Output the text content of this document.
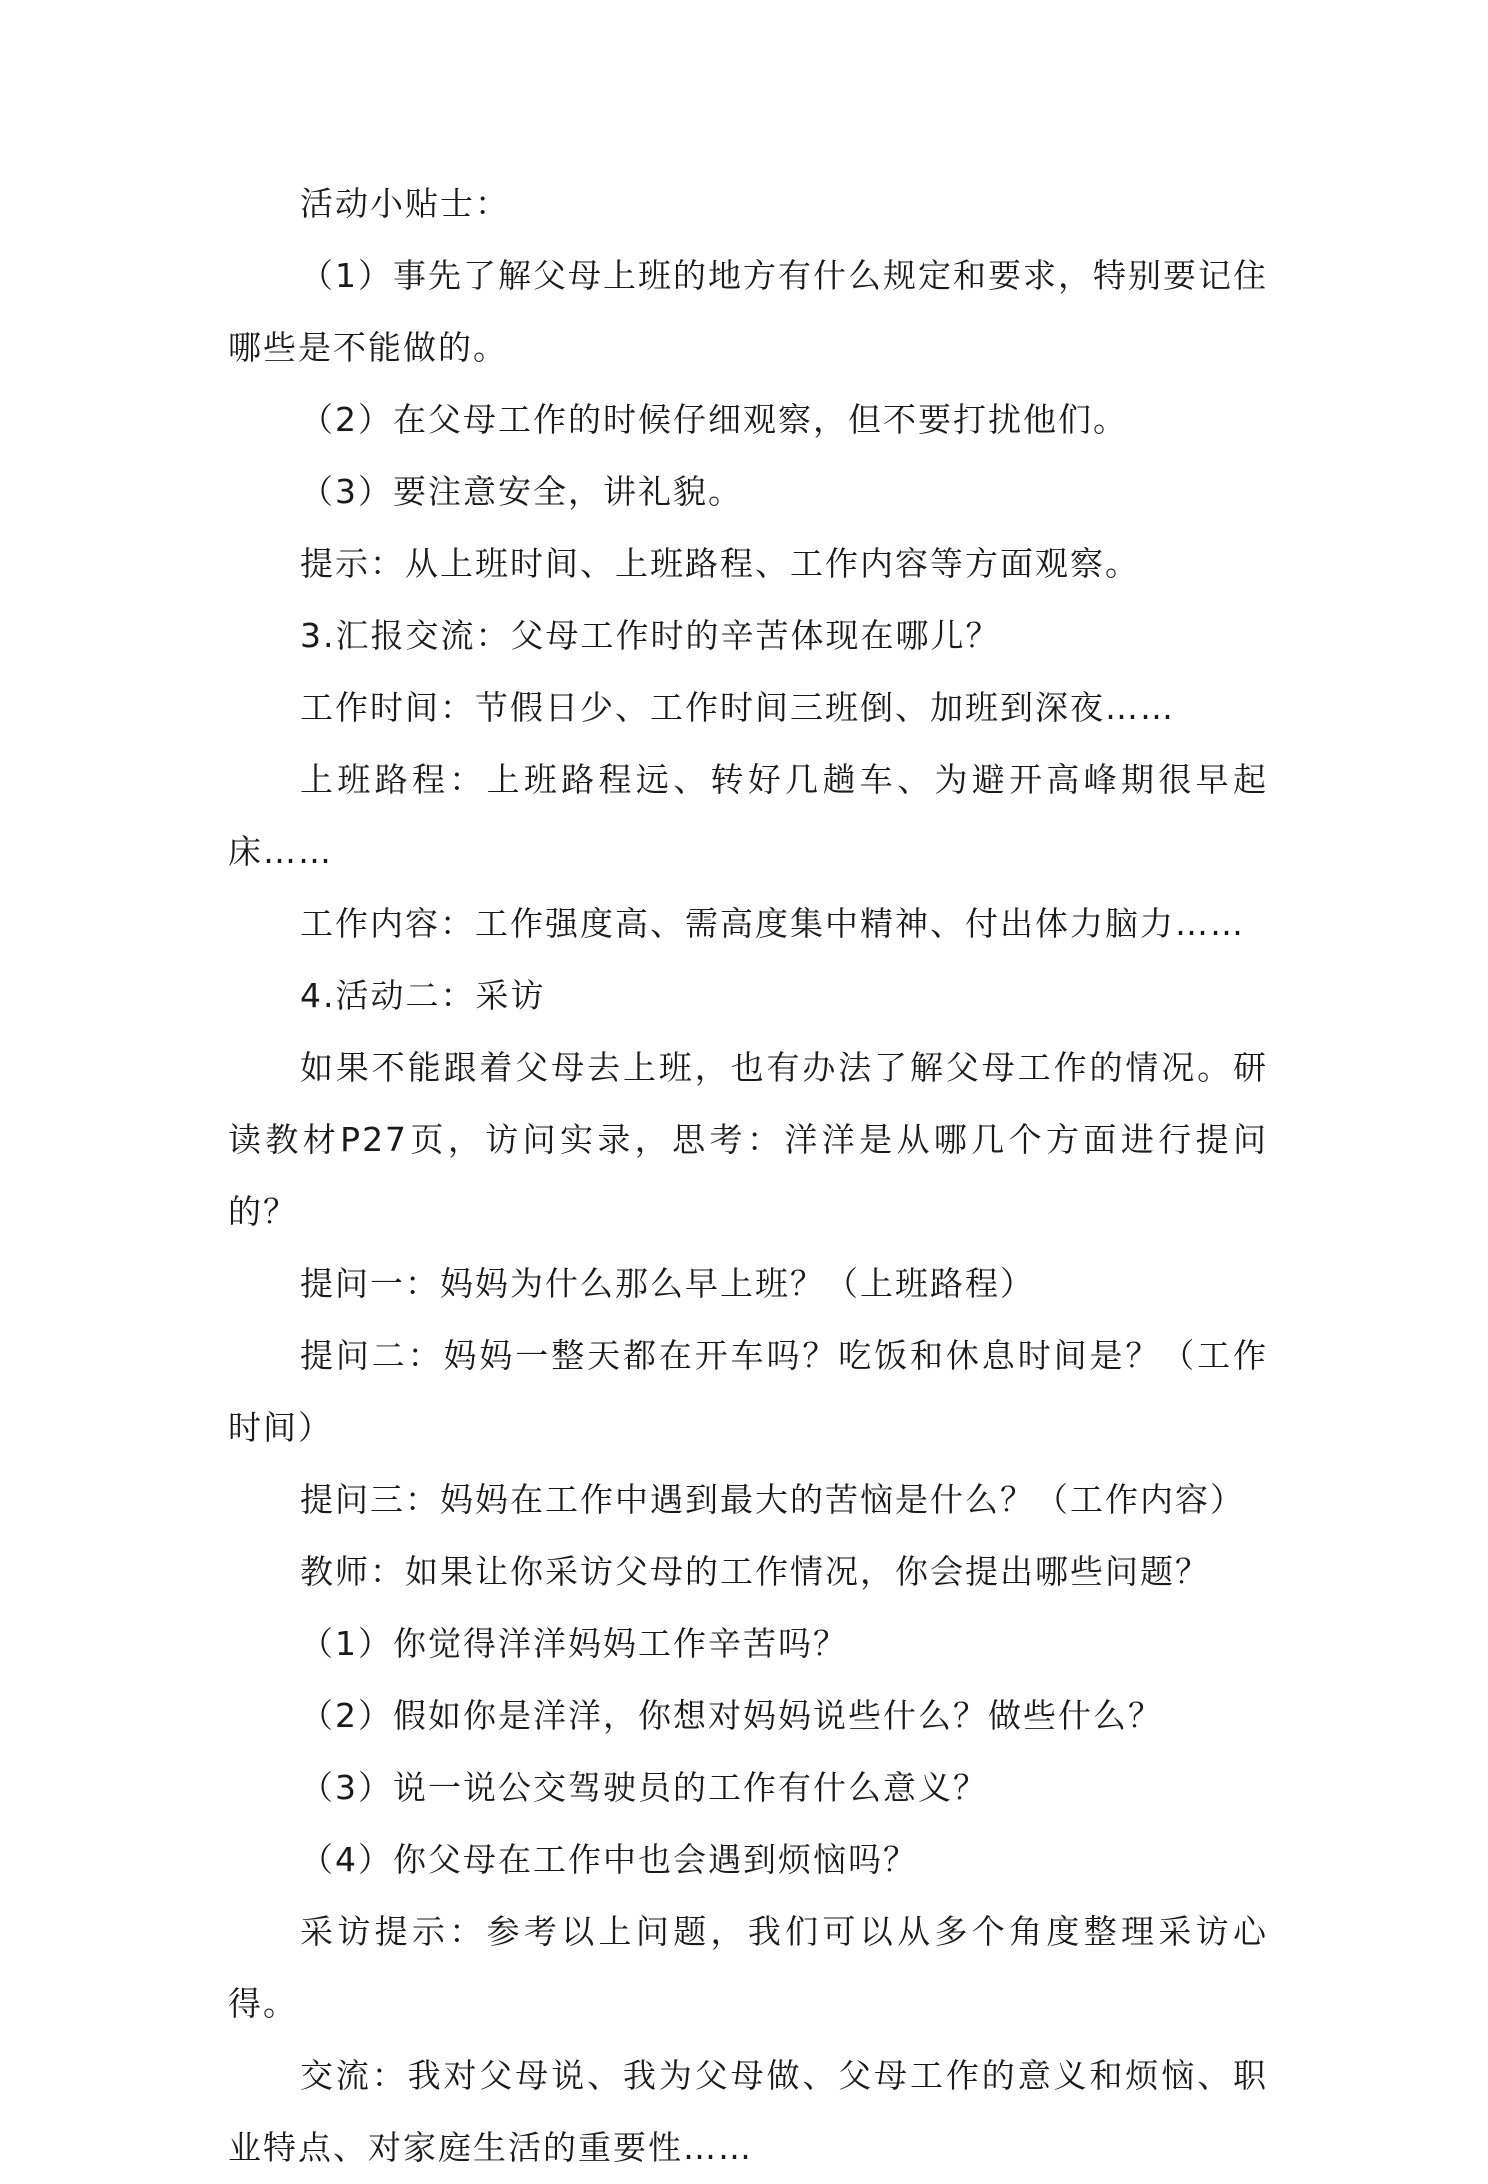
活动小贴士：

（1）事先了解父母上班的地方有什么规定和要求，特别要记住哪些是不能做的。

（2）在父母工作的时候仔细观察，但不要打扰他们。

（3）要注意安全，讲礼貌。

提示：从上班时间、上班路程、工作内容等方面观察。

3.汇报交流：父母工作时的辛苦体现在哪儿？

工作时间：节假日少、工作时间三班倒、加班到深夜……

上班路程：上班路程远、转好几趟车、为避开高峰期很早起床……

工作内容：工作强度高、需高度集中精神、付出体力脑力……

4.活动二：采访

如果不能跟着父母去上班，也有办法了解父母工作的情况。研读教材P27页，访问实录，思考：洋洋是从哪几个方面进行提问的？

提问一：妈妈为什么那么早上班？（上班路程）

提问二：妈妈一整天都在开车吗？吃饭和休息时间是？（工作时间）

提问三：妈妈在工作中遇到最大的苦恼是什么？（工作内容）

教师：如果让你采访父母的工作情况，你会提出哪些问题？

（1）你觉得洋洋妈妈工作辛苦吗？

（2）假如你是洋洋，你想对妈妈说些什么？做些什么？

（3）说一说公交驾驶员的工作有什么意义？

（4）你父母在工作中也会遇到烦恼吗？

采访提示：参考以上问题，我们可以从多个角度整理采访心得。

交流：我对父母说、我为父母做、父母工作的意义和烦恼、职业特点、对家庭生活的重要性……
